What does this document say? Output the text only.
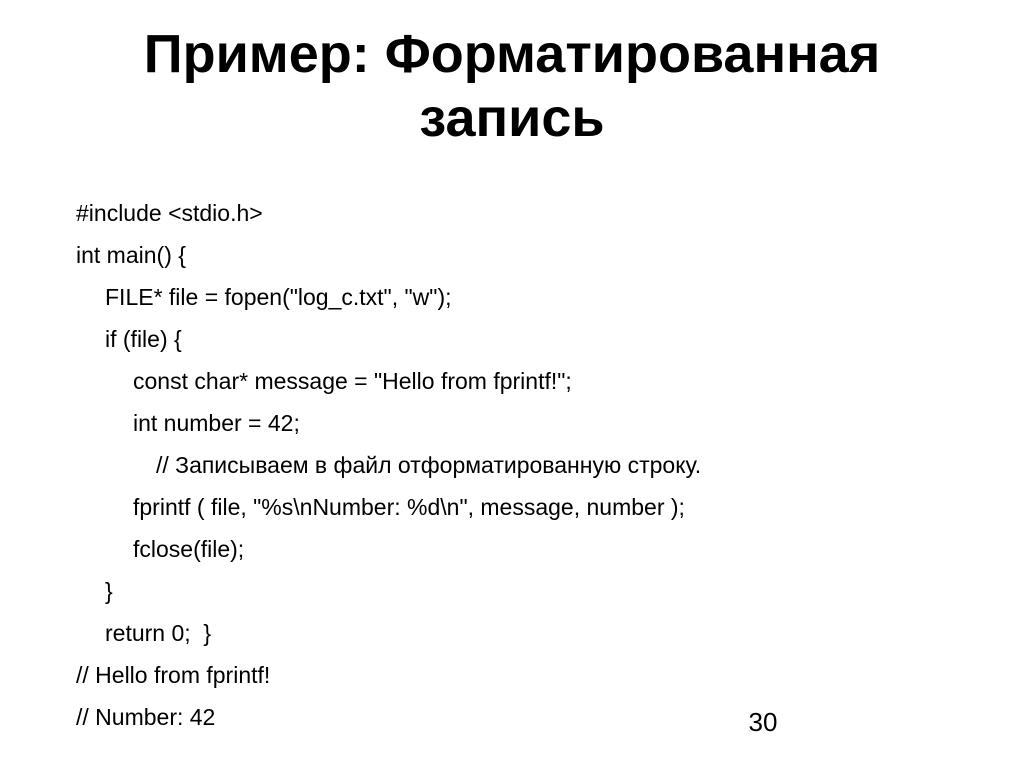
Пример: Форматированная
запись
#include <stdio.h>
int main() {
FILE* file = fopen("log_c.txt", "w");
if (file) {
const char* message = "Hello from fprintf!";
int number = 42;
// Записываем в файл отформатированную строку.
fprintf ( file, "%s\nNumber: %d\n", message, number );
fclose(file);
}
return 0;  }
// Hello from fprintf!
// Number: 42	30
